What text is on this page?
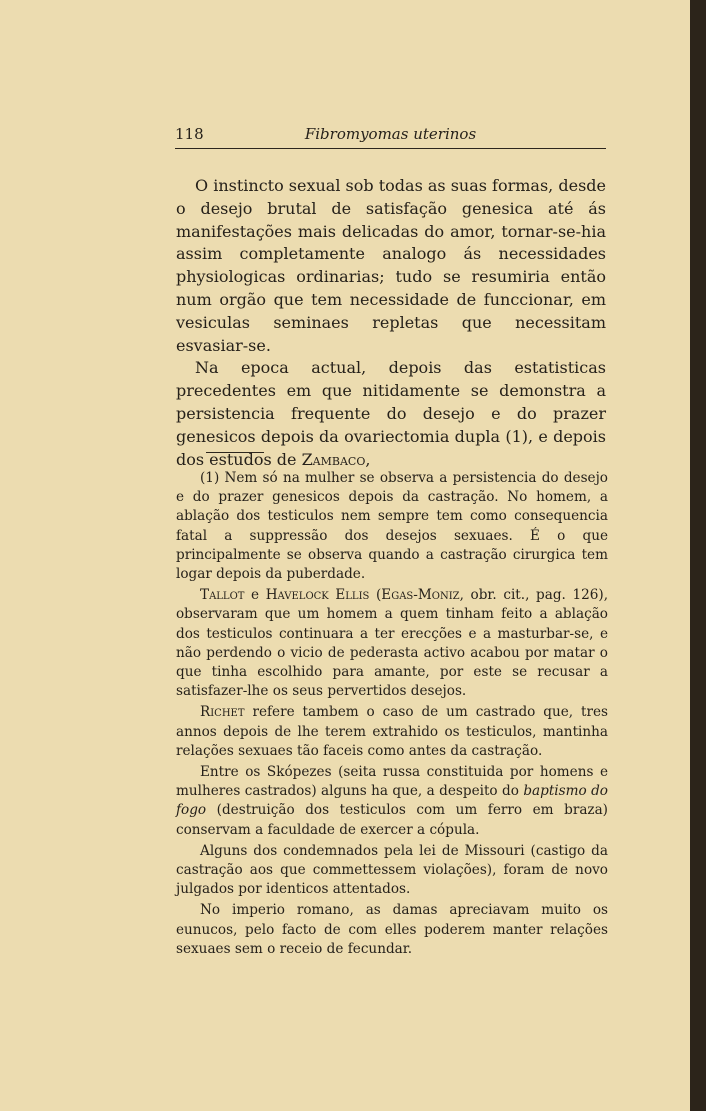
118	Fibromyomas uterinos

O instincto sexual sob todas as suas formas, desde o desejo brutal de satisfação genesica até ás manifestações mais delicadas do amor, tornar-se-hia assim completamente analogo ás necessidades physiologicas ordinarias; tudo se resumiria então num orgão que tem necessidade de funccionar, em vesiculas seminaes repletas que necessitam esvasiar-se.

Na epoca actual, depois das estatisticas precedentes em que nitidamente se demonstra a persistencia frequente do desejo e do prazer genesicos depois da ovariectomia dupla (1), e depois dos estudos de Zambaco,

(1) Nem só na mulher se observa a persistencia do desejo e do prazer genesicos depois da castração. No homem, a ablação dos testiculos nem sempre tem como consequencia fatal a suppressão dos desejos sexuaes. É o que principalmente se observa quando a castração cirurgica tem logar depois da puberdade.

Tallot e Havelock Ellis (Egas-Moniz, obr. cit., pag. 126), observaram que um homem a quem tinham feito a ablação dos testiculos continuara a ter erecções e a masturbar-se, e não perdendo o vicio de pederasta activo acabou por matar o que tinha escolhido para amante, por este se recusar a satisfazer-lhe os seus pervertidos desejos.

Richet refere tambem o caso de um castrado que, tres annos depois de lhe terem extrahido os testiculos, mantinha relações sexuaes tão faceis como antes da castração.

Entre os Skópezes (seita russa constituida por homens e mulheres castrados) alguns ha que, a despeito do baptismo do fogo (destruição dos testiculos com um ferro em braza) conservam a faculdade de exercer a cópula.

Alguns dos condemnados pela lei de Missouri (castigo da castração aos que commettessem violações), foram de novo julgados por identicos attentados.

No imperio romano, as damas apreciavam muito os eunucos, pelo facto de com elles poderem manter relações sexuaes sem o receio de fecundar.
